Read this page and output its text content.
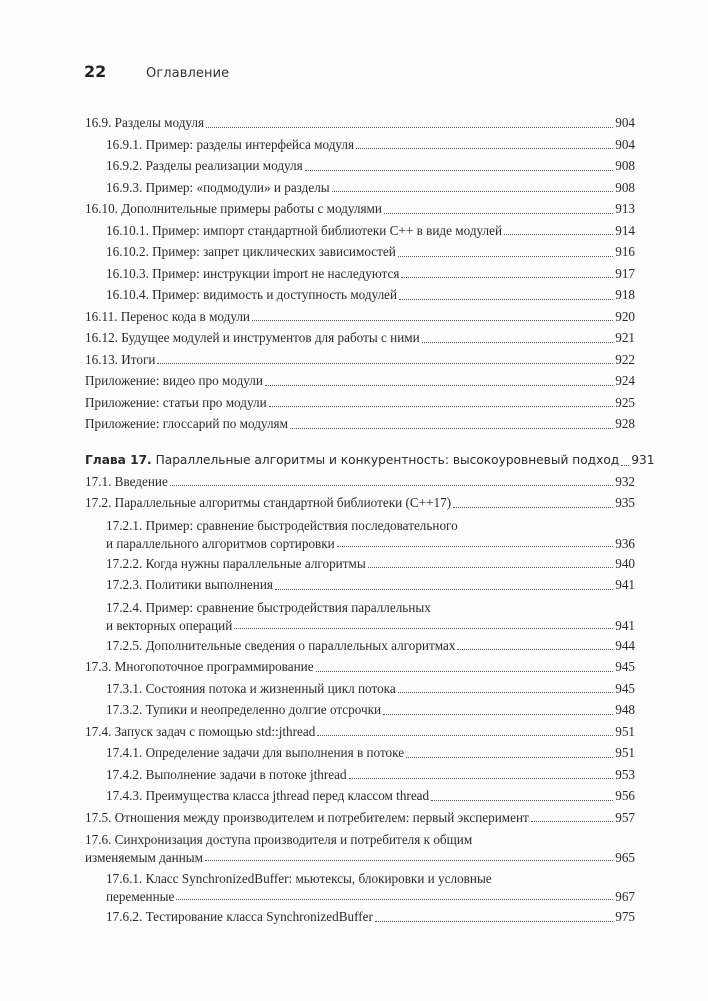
22	Оглавление
16.9. Разделы модуля	904
16.9.1. Пример: разделы интерфейса модуля	904
16.9.2. Разделы реализации модуля	908
16.9.3. Пример: «подмодули» и разделы	908
16.10. Дополнительные примеры работы с модулями	913
16.10.1. Пример: импорт стандартной библиотеки C++ в виде модулей	914
16.10.2. Пример: запрет циклических зависимостей	916
16.10.3. Пример: инструкции import не наследуются	917
16.10.4. Пример: видимость и доступность модулей	918
16.11. Перенос кода в модули	920
16.12. Будущее модулей и инструментов для работы с ними	921
16.13. Итоги	922
Приложение: видео про модули	924
Приложение: статьи про модули	925
Приложение: глоссарий по модулям	928
Глава 17. Параллельные алгоритмы и конкурентность: высокоуровневый подход 931
17.1. Введение	932
17.2. Параллельные алгоритмы стандартной библиотеки (C++17)	935
17.2.1. Пример: сравнение быстродействия последовательного
и параллельного алгоритмов сортировки	936
17.2.2. Когда нужны параллельные алгоритмы	940
17.2.3. Политики выполнения	941
17.2.4. Пример: сравнение быстродействия параллельных
и векторных операций	941
17.2.5. Дополнительные сведения о параллельных алгоритмах	944
17.3. Многопоточное программирование	945
17.3.1. Состояния потока и жизненный цикл потока	945
17.3.2. Тупики и неопределенно долгие отсрочки	948
17.4. Запуск задач с помощью std::jthread	951
17.4.1. Определение задачи для выполнения в потоке	951
17.4.2. Выполнение задачи в потоке jthread	953
17.4.3. Преимущества класса jthread перед классом thread	956
17.5. Отношения между производителем и потребителем: первый эксперимент	957
17.6. Синхронизация доступа производителя и потребителя к общим
изменяемым данным	965
17.6.1. Класс SynchronizedBuffer: мьютексы, блокировки и условные
переменные	967
17.6.2. Тестирование класса SynchronizedBuffer	975
